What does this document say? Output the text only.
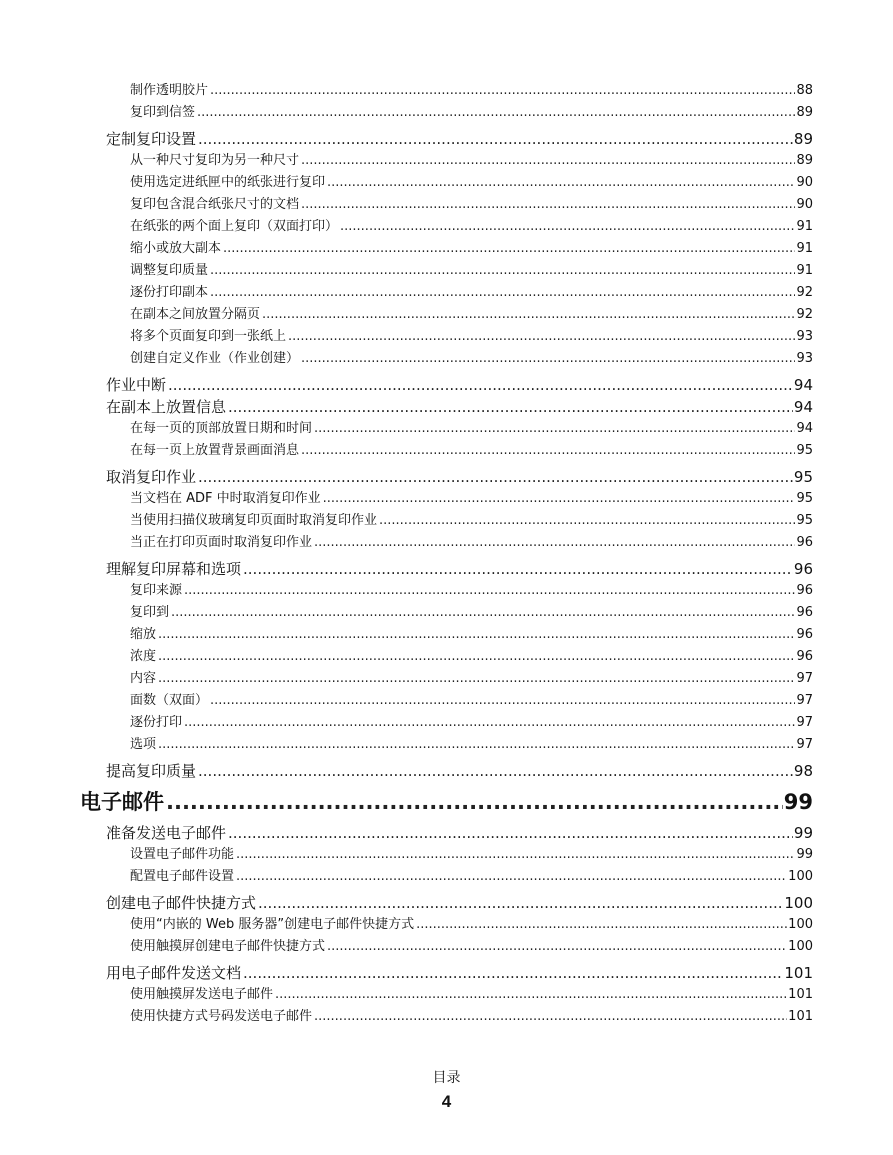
制作透明胶片 .....	88
复印到信签 .....	89
定制复印设置 .....	89
从一种尺寸复印为另一种尺寸 .....	89
使用选定进纸匣中的纸张进行复印 .....	90
复印包含混合纸张尺寸的文档 .....	90
在纸张的两个面上复印（双面打印） .....	91
缩小或放大副本 .....	91
调整复印质量 .....	91
逐份打印副本 .....	92
在副本之间放置分隔页 .....	92
将多个页面复印到一张纸上 .....	93
创建自定义作业（作业创建） .....	93
作业中断 .....	94
在副本上放置信息 .....	94
在每一页的顶部放置日期和时间 .....	94
在每一页上放置背景画面消息 .....	95
取消复印作业 .....	95
当文档在 ADF 中时取消复印作业 .....	95
当使用扫描仪玻璃复印页面时取消复印作业 .....	95
当正在打印页面时取消复印作业 .....	96
理解复印屏幕和选项 .....	96
复印来源 .....	96
复印到 .....	96
缩放 .....	96
浓度 .....	96
内容 .....	97
面数（双面） .....	97
逐份打印 .....	97
选项 .....	97
提高复印质量 .....	98
电子邮件 .....	99
准备发送电子邮件 .....	99
设置电子邮件功能 .....	99
配置电子邮件设置 .....	100
创建电子邮件快捷方式 .....	100
使用“内嵌的 Web 服务器”创建电子邮件快捷方式 .....	100
使用触摸屏创建电子邮件快捷方式 .....	100
用电子邮件发送文档 .....	101
使用触摸屏发送电子邮件 .....	101
使用快捷方式号码发送电子邮件 .....	101
目录
4
